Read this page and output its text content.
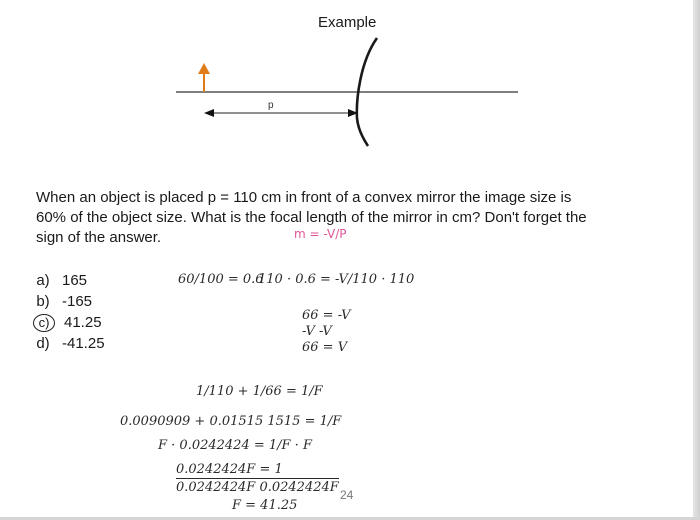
Example
p
When an object is placed p = 110 cm in front of a convex mirror the image size is 60% of the object size. What is the focal length of the mirror in cm? Don't forget the sign of the answer.	m = -V/P
a) 165
b) -165
c) 41.25
d) -41.25
60/100 = 0.6
110 · 0.6 = -V/110 · 110
66 = -V
-V -V
66 = V
1/110 + 1/66 = 1/F
0.0090909 + 0.01515 1515 = 1/F
F · 0.0242424 = 1/F · F
0.0242424F = 1
0.0242424F 0.0242424F
F = 41.25
24
